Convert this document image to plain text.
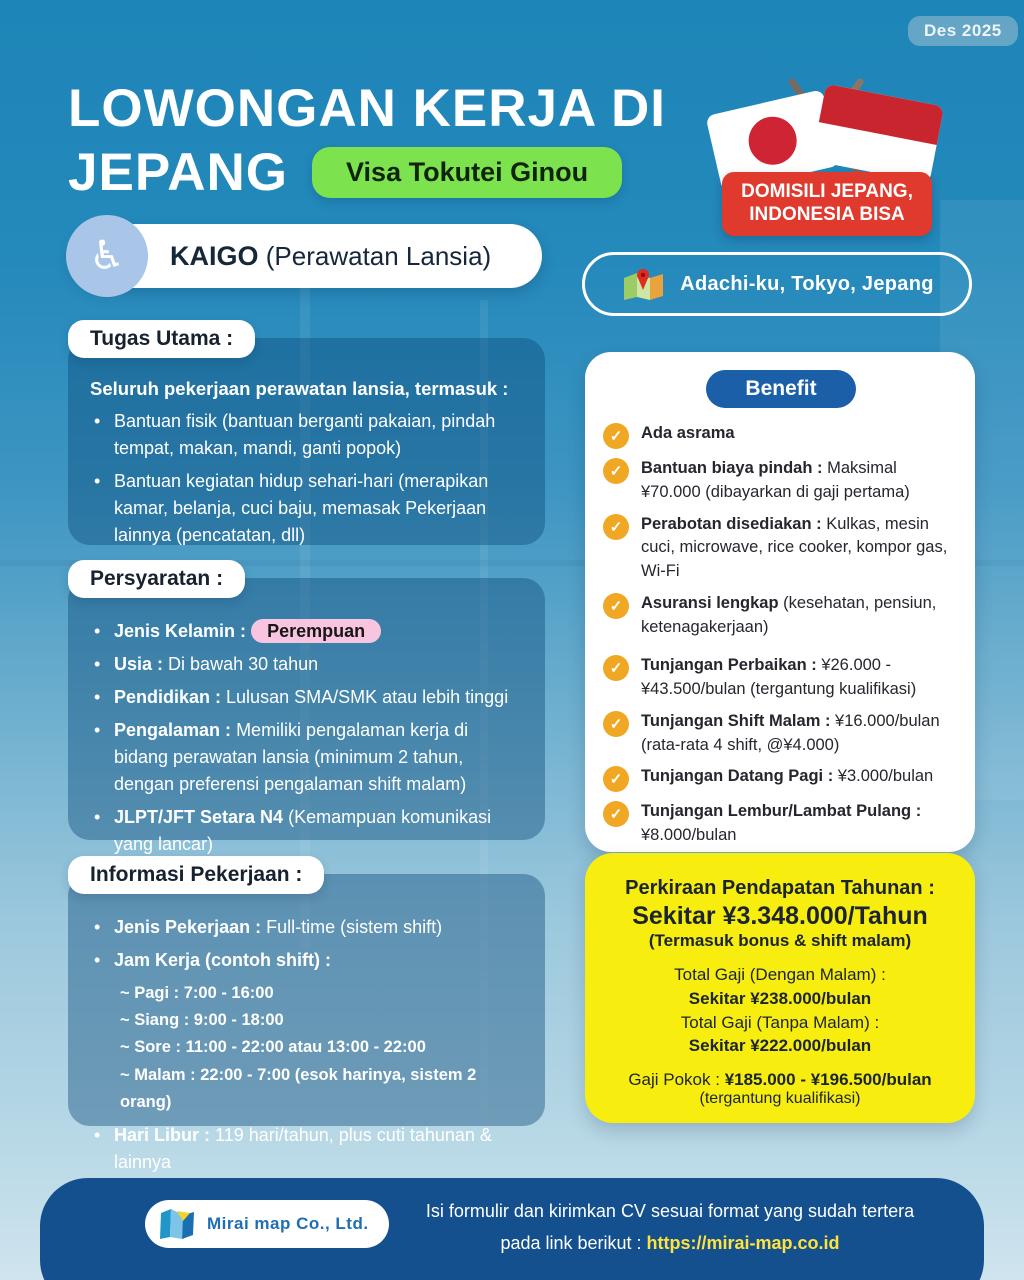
Des 2025
LOWONGAN KERJA DI
JEPANG	Visa Tokutei Ginou
DOMISILI JEPANG,
INDONESIA BISA
♿ KAIGO (Perawatan Lansia)
Adachi-ku, Tokyo, Jepang
Tugas Utama :
Seluruh pekerjaan perawatan lansia, termasuk :
• Bantuan fisik (bantuan berganti pakaian, pindah tempat, makan, mandi, ganti popok)
• Bantuan kegiatan hidup sehari-hari (merapikan kamar, belanja, cuci baju, memasak Pekerjaan lainnya (pencatatan, dll)
Persyaratan :
• Jenis Kelamin : Perempuan
• Usia : Di bawah 30 tahun
• Pendidikan : Lulusan SMA/SMK atau lebih tinggi
• Pengalaman : Memiliki pengalaman kerja di bidang perawatan lansia (minimum 2 tahun, dengan preferensi pengalaman shift malam)
• JLPT/JFT Setara N4 (Kemampuan komunikasi yang lancar)
Informasi Pekerjaan :
• Jenis Pekerjaan : Full-time (sistem shift)
• Jam Kerja (contoh shift) :
~ Pagi : 7:00 - 16:00
~ Siang : 9:00 - 18:00
~ Sore : 11:00 - 22:00 atau 13:00 - 22:00
~ Malam : 22:00 - 7:00 (esok harinya, sistem 2 orang)
• Hari Libur : 119 hari/tahun, plus cuti tahunan & lainnya
Benefit
✓	Ada asrama

✓	Bantuan biaya pindah : Maksimal ¥70.000 (dibayarkan di gaji pertama)

✓	Perabotan disediakan : Kulkas, mesin cuci, microwave, rice cooker, kompor gas, Wi-Fi

✓	Asuransi lengkap (kesehatan, pensiun, ketenagakerjaan)

✓	Tunjangan Perbaikan : ¥26.000 - ¥43.500/bulan (tergantung kualifikasi)

✓	Tunjangan Shift Malam : ¥16.000/bulan (rata-rata 4 shift, @¥4.000)

✓	Tunjangan Datang Pagi : ¥3.000/bulan

✓	Tunjangan Lembur/Lambat Pulang : ¥8.000/bulan

Perkiraan Pendapatan Tahunan :
Sekitar ¥3.348.000/Tahun
(Termasuk bonus & shift malam)
Total Gaji (Dengan Malam) :
Sekitar ¥238.000/bulan
Total Gaji (Tanpa Malam) :
Sekitar ¥222.000/bulan
Gaji Pokok : ¥185.000 - ¥196.500/bulan
(tergantung kualifikasi)
Mirai map Co., Ltd.
Isi formulir dan kirimkan CV sesuai format yang sudah tertera
pada link berikut : https://mirai-map.co.id
